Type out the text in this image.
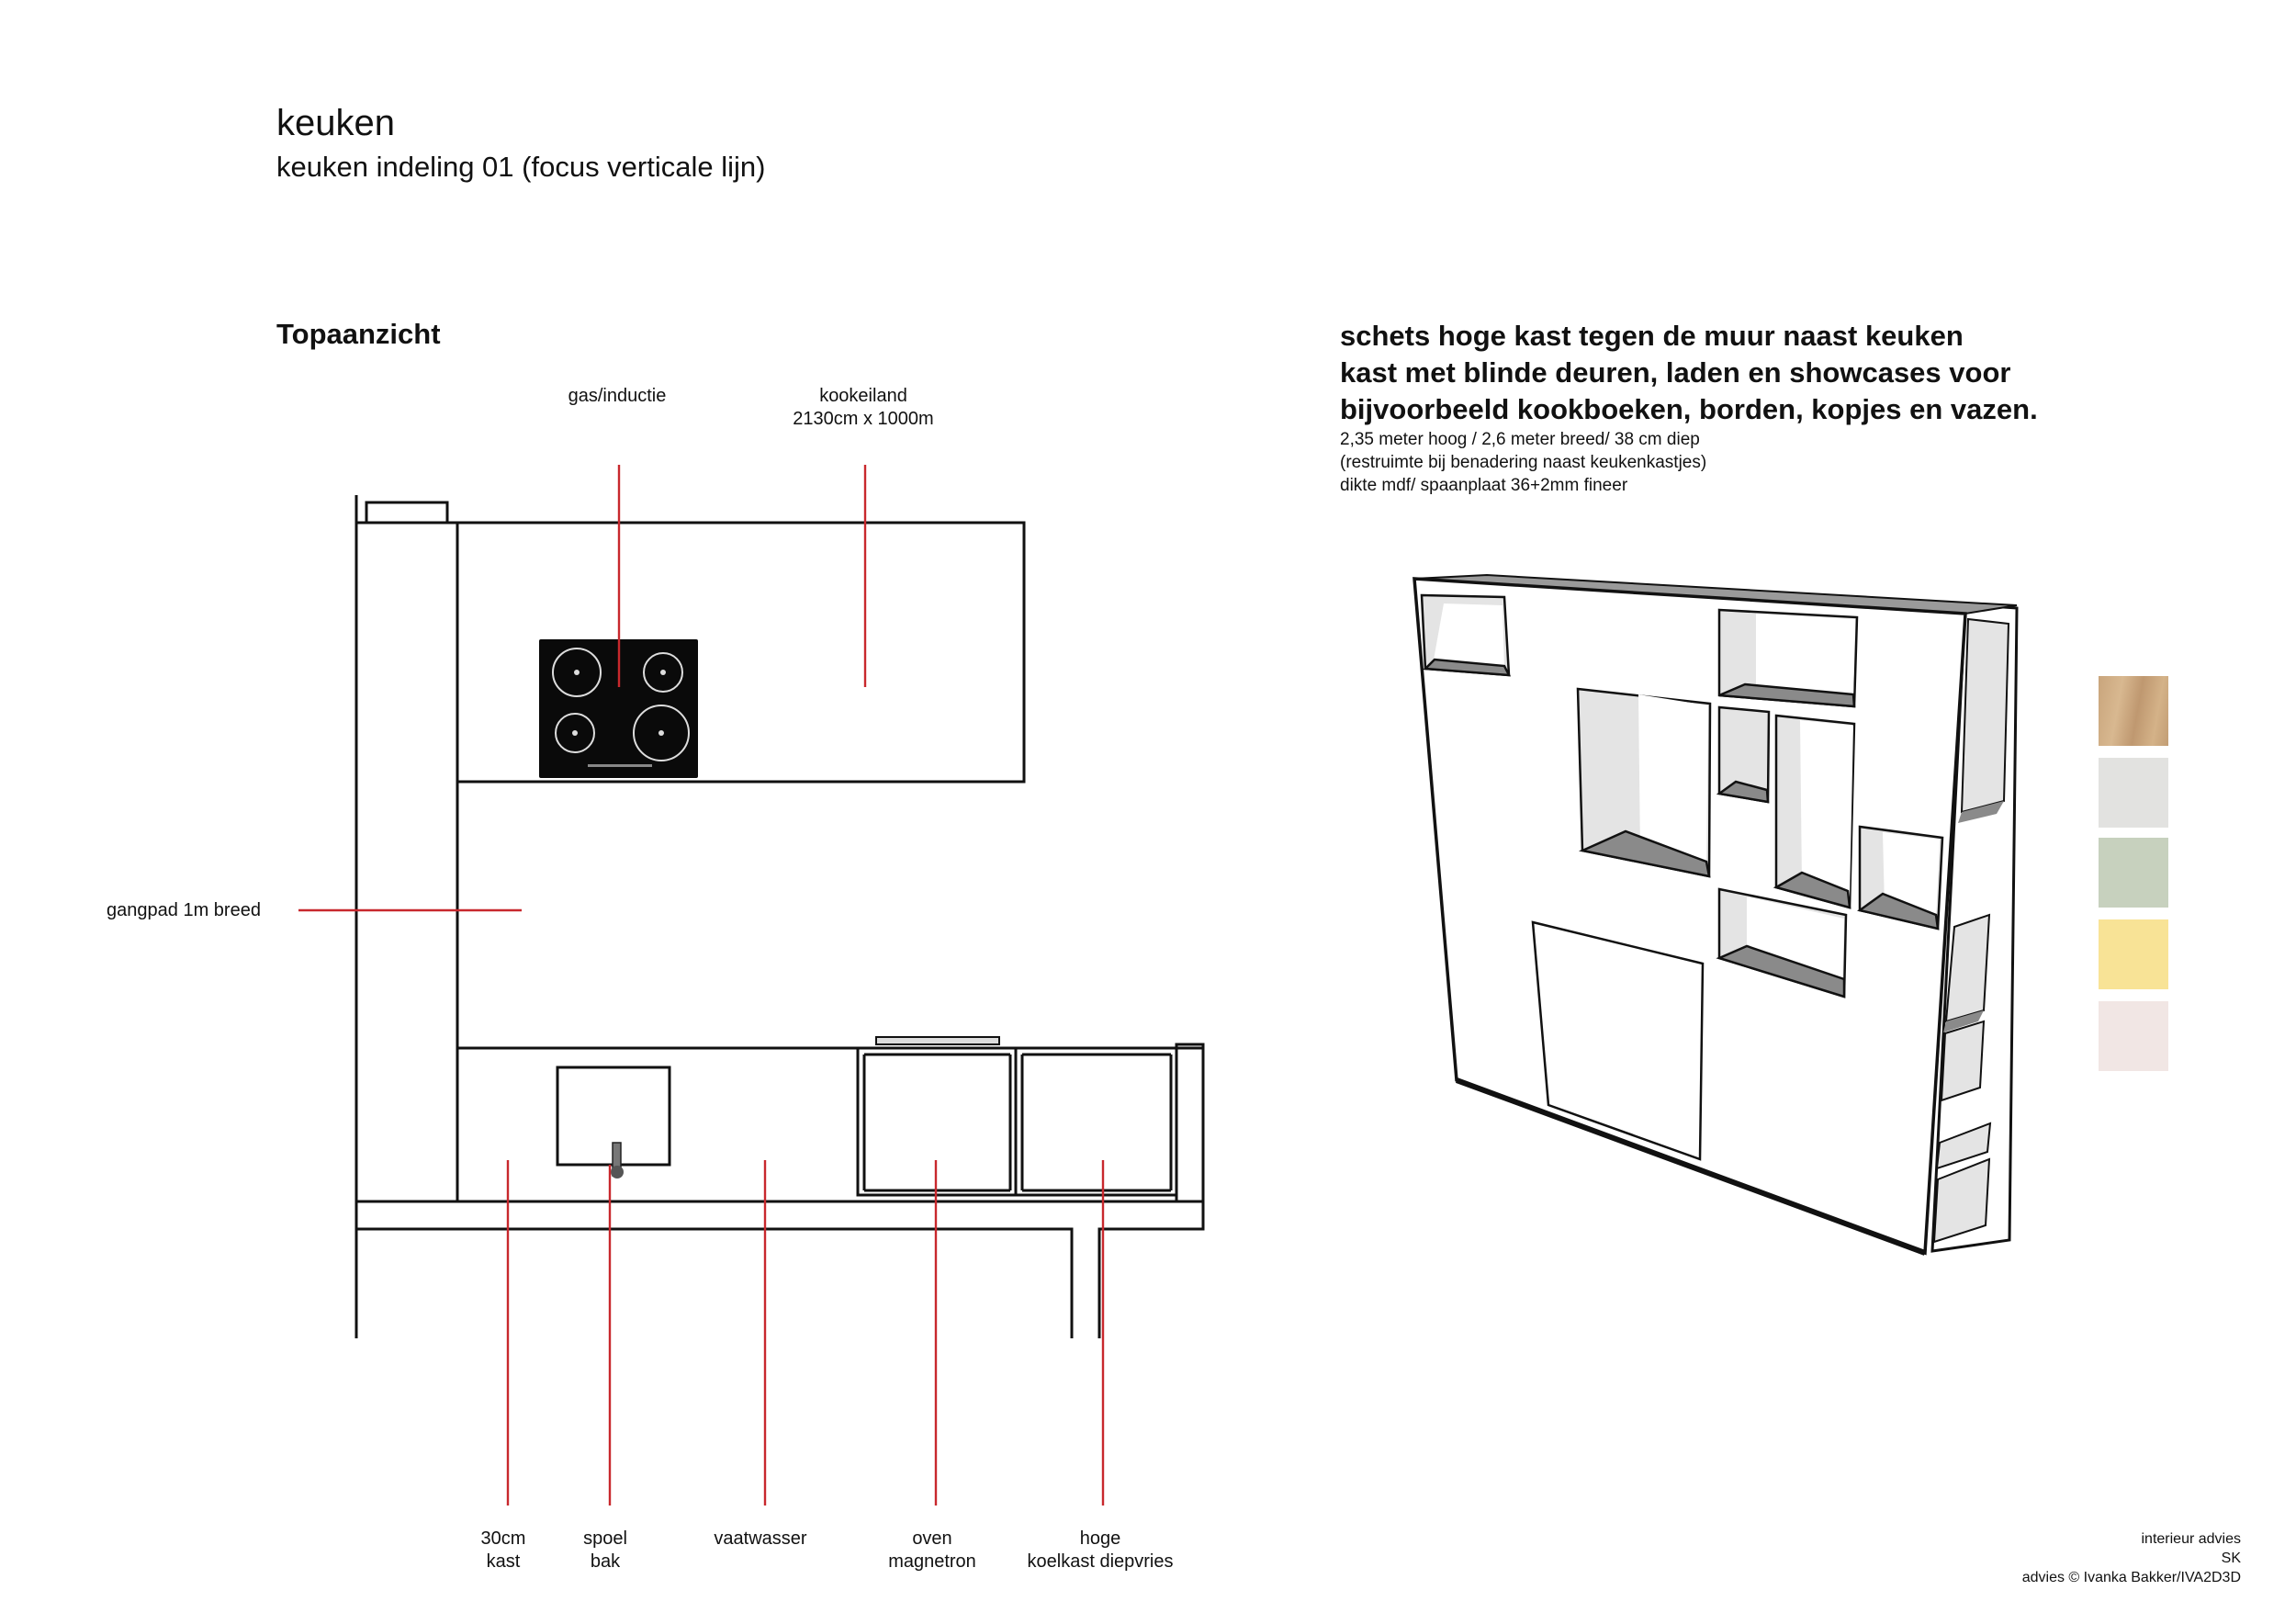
keuken
keuken indeling 01 (focus verticale lijn)
Topaanzicht
gas/inductie	kookeiland
2130cm x 1000m
gangpad 1m breed
30cm
kast
spoel
bak
vaatwasser	oven
magnetron
hoge
koelkast diepvries
schets hoge kast tegen de muur naast keuken
kast met blinde deuren, laden en showcases voor
bijvoorbeeld kookboeken, borden, kopjes en vazen.
2,35 meter hoog / 2,6 meter breed/ 38 cm diep
(restruimte bij benadering naast keukenkastjes)
dikte mdf/ spaanplaat 36+2mm fineer
interieur advies
SK
advies © Ivanka Bakker/IVA2D3D
